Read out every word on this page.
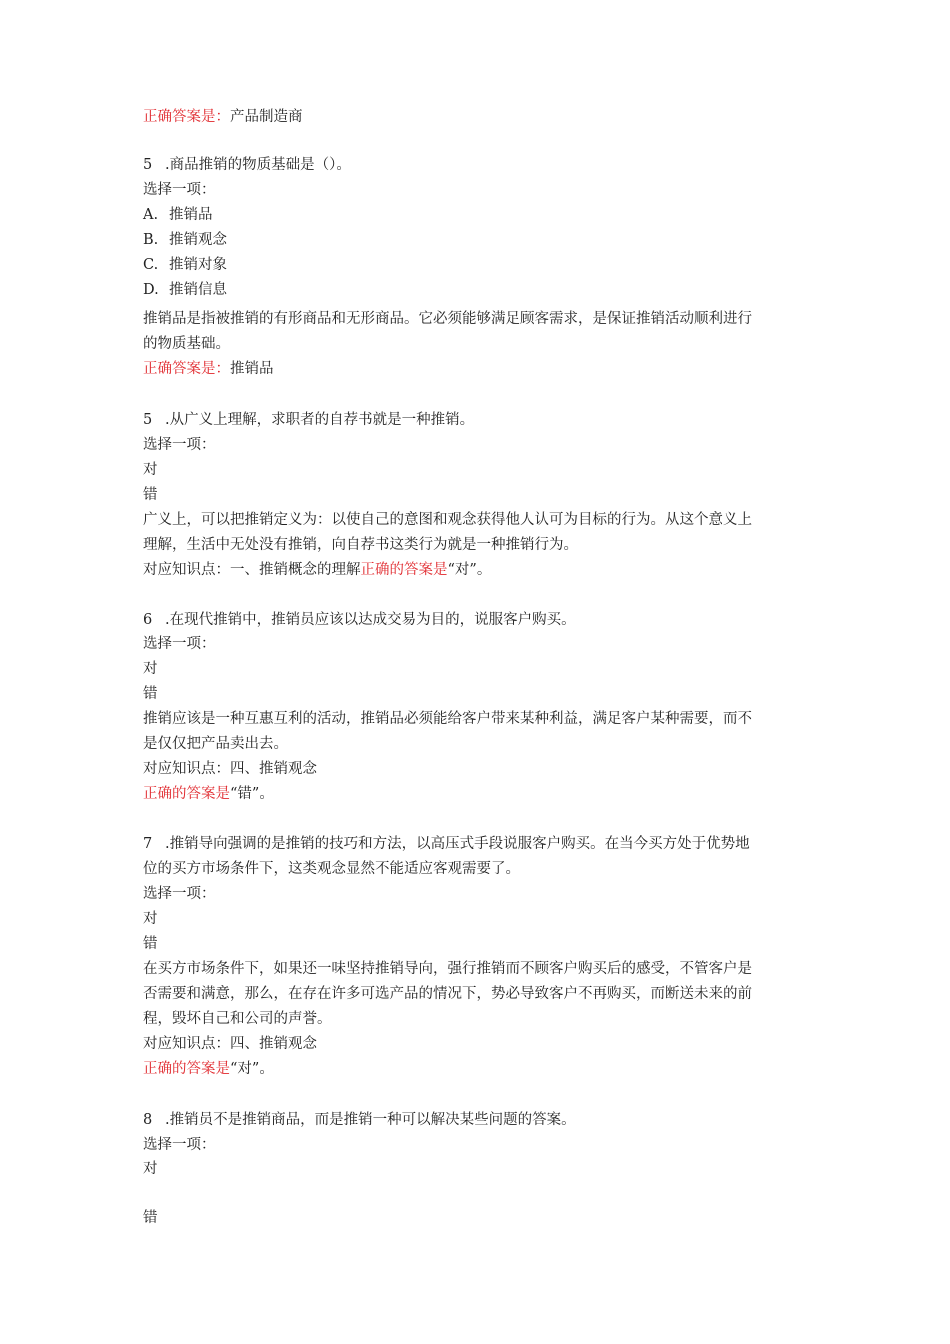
正确答案是：产品制造商
5 .商品推销的物质基础是（）。
选择一项：
A. 推销品
B. 推销观念
C. 推销对象
D. 推销信息
推销品是指被推销的有形商品和无形商品。它必须能够满足顾客需求，是保证推销活动顺利进行
的物质基础。
正确答案是：推销品
5 .从广义上理解，求职者的自荐书就是一种推销。
选择一项：
对
错
广义上，可以把推销定义为：以使自己的意图和观念获得他人认可为目标的行为。从这个意义上
理解，生活中无处没有推销，向自荐书这类行为就是一种推销行为。
对应知识点：一、推销概念的理解正确的答案是“对”。
6 .在现代推销中，推销员应该以达成交易为目的，说服客户购买。
选择一项：
对
错
推销应该是一种互惠互利的活动，推销品必须能给客户带来某种利益，满足客户某种需要，而不
是仅仅把产品卖出去。
对应知识点：四、推销观念
正确的答案是“错”。
7 .推销导向强调的是推销的技巧和方法，以高压式手段说服客户购买。在当今买方处于优势地
位的买方市场条件下，这类观念显然不能适应客观需要了。
选择一项：
对
错
在买方市场条件下，如果还一味坚持推销导向，强行推销而不顾客户购买后的感受，不管客户是
否需要和满意，那么，在存在许多可选产品的情况下，势必导致客户不再购买，而断送未来的前
程，毁坏自己和公司的声誉。
对应知识点：四、推销观念
正确的答案是“对”。
8 .推销员不是推销商品，而是推销一种可以解决某些问题的答案。
选择一项：
对
错
